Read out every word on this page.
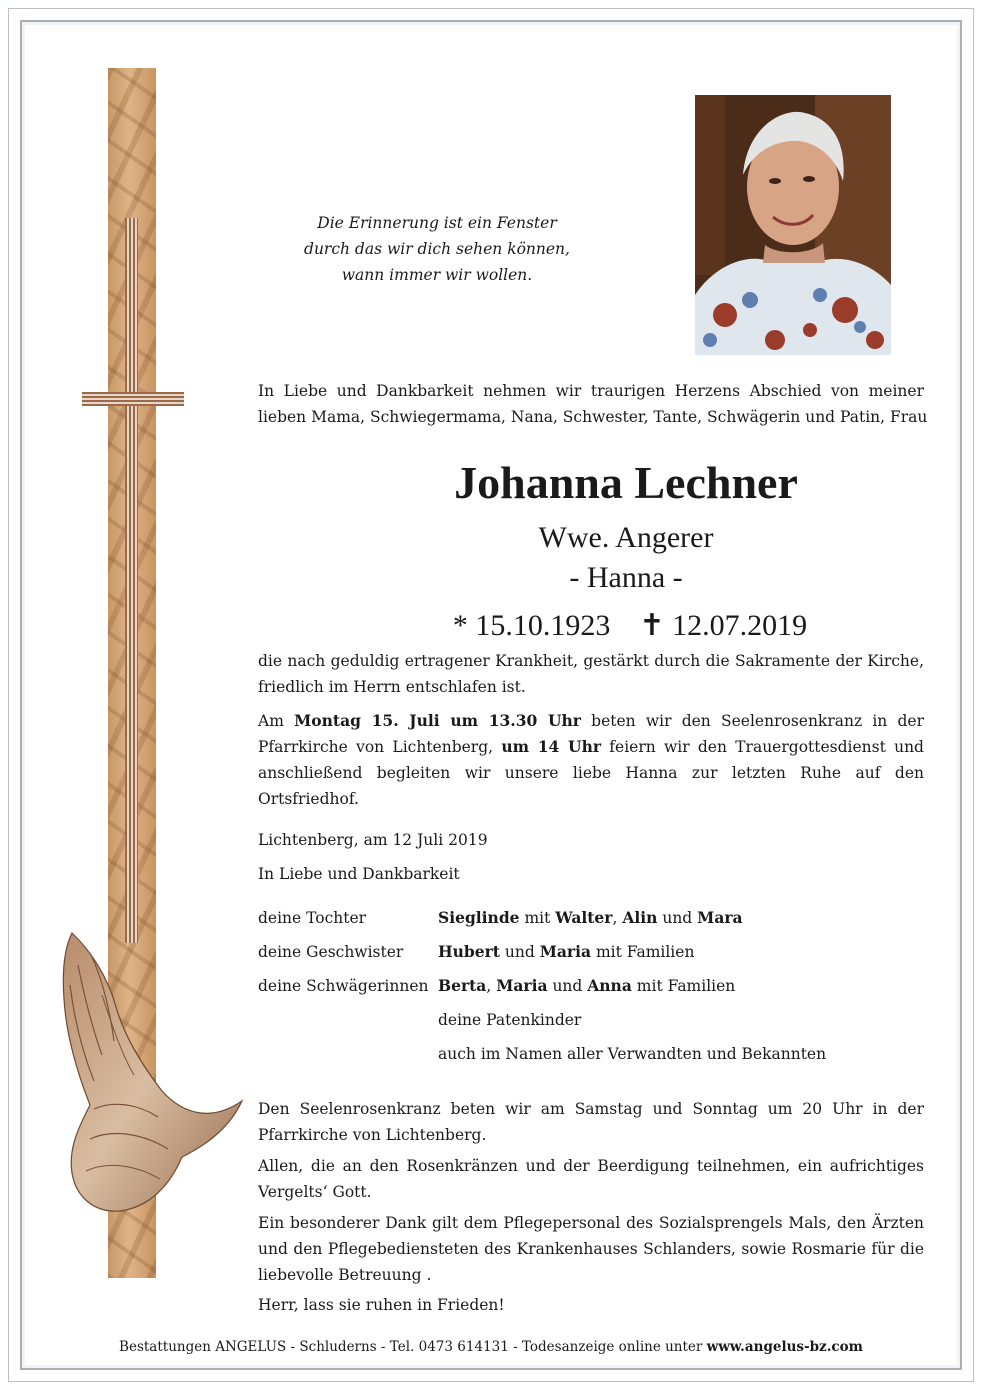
Die Erinnerung ist ein Fenster
durch das wir dich sehen können,
wann immer wir wollen.
In Liebe und Dankbarkeit nehmen wir traurigen Herzens Abschied von meiner
lieben Mama, Schwiegermama, Nana, Schwester, Tante, Schwägerin und Patin, Frau
Johanna Lechner
Wwe. Angerer
- Hanna -
* 15.10.1923 ✝ 12.07.2019
die nach geduldig ertragener Krankheit, gestärkt durch die Sakramente der Kirche,
friedlich im Herrn entschlafen ist.
Am Montag 15. Juli um 13.30 Uhr beten wir den Seelenrosenkranz in der
Pfarrkirche von Lichtenberg, um 14 Uhr feiern wir den Trauergottesdienst und
anschließend begleiten wir unsere liebe Hanna zur letzten Ruhe auf den
Ortsfriedhof.
Lichtenberg, am 12 Juli 2019
In Liebe und Dankbarkeit
deine Tochter	Sieglinde mit Walter, Alin und Mara
deine Geschwister Hubert und Maria mit Familien
deine Schwägerinnen Berta, Maria und Anna mit Familien
deine Patenkinder
auch im Namen aller Verwandten und Bekannten
Den Seelenrosenkranz beten wir am Samstag und Sonntag um 20 Uhr in der
Pfarrkirche von Lichtenberg.
Allen, die an den Rosenkränzen und der Beerdigung teilnehmen, ein aufrichtiges
Vergelts‘ Gott.
Ein besonderer Dank gilt dem Pflegepersonal des Sozialsprengels Mals, den Ärzten
und den Pflegebediensteten des Krankenhauses Schlanders, sowie Rosmarie für die
liebevolle Betreuung .
Herr, lass sie ruhen in Frieden!
Bestattungen ANGELUS - Schluderns - Tel. 0473 614131 - Todesanzeige online unter www.angelus-bz.com
